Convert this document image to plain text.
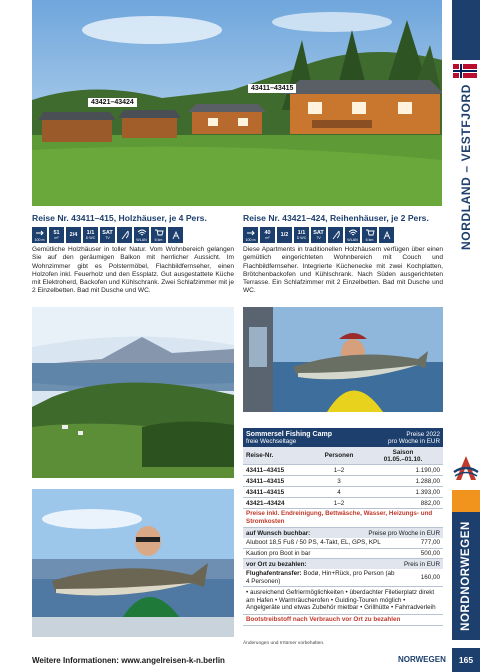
NORDLAND – VESTFJORD
NORDNORWEGEN
43421–43424
43411–43415
Reise Nr. 43411–415, Holzhäuser, je 4 Pers.
100 m
51
m² 2/4 1/1
D WC
SAT
TV	WLAN 6 km
Gemütliche Holzhäuser in toller Natur. Vom Wohnbereich gelangen Sie auf den geräumigen Balkon mit herrlicher Aussicht. Im Wohnzimmer gibt es Polstermöbel, Flachbildfernseher, einen Holzofen inkl. Feuerholz und den Essplatz. Gut ausgestattete Küche mit Elektroherd, Backofen und Kühlschrank. Zwei Schlafzimmer mit je 2 Einzelbetten. Bad mit Dusche und WC.
Reise Nr. 43421–424, Reihenhäuser, je 2 Pers.
100 m
40
m² 1/2 1/1
D WC
SAT
TV	WLAN 6 km
Diese Apartments in traditionellen Holzhäusern verfügen über einen gemütlich eingerichteten Wohnbereich mit Couch und Flachbildfernseher. Integrierte Küchenecke mit zwei Kochplatten, Brötchenbackofen und Kühlschrank. Nach Süden ausgerichteten Terrasse. Ein Schlafzimmer mit 2 Einzelbetten. Bad mit Dusche und WC.
Sommersel Fishing Camp
freie Wechseltage
Preise 2022
pro Woche in EUR
Reise-Nr.	Personen	Saison
01.05.–01.10.
43411–43415	1–2	1.190,00
43411–43415	3	1.288,00
43411–43415	4	1.393,00
43421–43424	1–2	882,00
Preise inkl. Endreinigung, Bettwäsche, Wasser, Heizungs- und Stromkosten
auf Wunsch buchbar:	Preise pro Woche in EUR
Aluboot 18,5 Fuß / 50 PS, 4-Takt, EL, GPS, KPL	777,00
Kaution pro Boot in bar	500,00
vor Ort zu bezahlen:	Preis in EUR
Flughafentransfer: Bodø, Hin+Rück, pro Person (ab 4 Personen)	160,00
• ausreichend Gefriermöglichkeiten • überdachter Filetierplatz direkt am Hafen • Warmräucherofen • Guiding-Touren möglich • Angelgeräte und etwas Zubehör mietbar • Grillhütte • Fahrradverleih
Bootstreibstoff nach Verbrauch vor Ort zu bezahlen
Änderungen und Irrtümer vorbehalten.
Weitere Informationen: www.angelreisen-k-n.berlin	NORWEGEN	165
